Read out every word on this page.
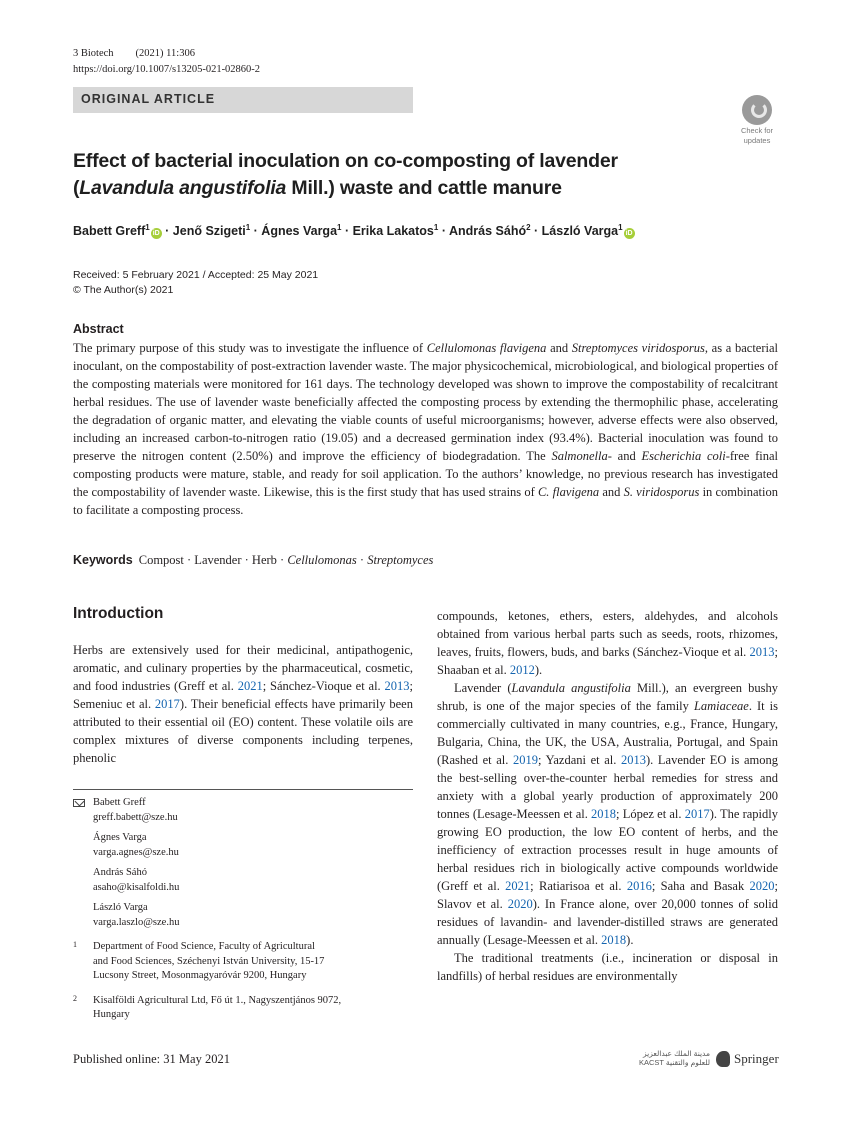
3 Biotech (2021) 11:306
https://doi.org/10.1007/s13205-021-02860-2
ORIGINAL ARTICLE
Check for
updates
Effect of bacterial inoculation on co-composting of lavender
(Lavandula angustifolia Mill.) waste and cattle manure
Babett Greff$^1$iD · Jenő Szigeti$^1$ · Ágnes Varga$^1$ · Erika Lakatos$^1$ · András Sáhó$^2$ · László Varga$^1$iD
Received: 5 February 2021 / Accepted: 25 May 2021
© The Author(s) 2021
Abstract
The primary purpose of this study was to investigate the influence of Cellulomonas flavigena and Streptomyces viridosporus, as a bacterial inoculant, on the compostability of post-extraction lavender waste. The major physicochemical, microbiological, and biological properties of the composting materials were monitored for 161 days. The technology developed was shown to improve the compostability of recalcitrant herbal residues. The use of lavender waste beneficially affected the composting process by extending the thermophilic phase, accelerating the degradation of organic matter, and elevating the viable counts of useful microorganisms; however, adverse effects were also observed, including an increased carbon-to-nitrogen ratio (19.05) and a decreased germination index (93.4%). Bacterial inoculation was found to preserve the nitrogen content (2.50%) and improve the efficiency of biodegradation. The Salmonella- and Escherichia coli-free final composting products were mature, stable, and ready for soil application. To the authors’ knowledge, no previous research has investigated the compostability of lavender waste. Likewise, this is the first study that has used strains of C. flavigena and S. viridosporus in combination to facilitate a composting process.
Keywords Compost · Lavender · Herb · Cellulomonas · Streptomyces
Introduction
Herbs are extensively used for their medicinal, antipathogenic, aromatic, and culinary properties by the pharmaceutical, cosmetic, and food industries (Greff et al. 2021; Sánchez-Vioque et al. 2013; Semeniuc et al. 2017). Their beneficial effects have primarily been attributed to their essential oil (EO) content. These volatile oils are complex mixtures of diverse components including terpenes, phenolic

compounds, ketones, ethers, esters, aldehydes, and alcohols obtained from various herbal parts such as seeds, roots, rhizomes, leaves, fruits, flowers, buds, and barks (Sánchez-Vioque et al. 2013; Shaaban et al. 2012).

Lavender (Lavandula angustifolia Mill.), an evergreen bushy shrub, is one of the major species of the family Lamiaceae. It is commercially cultivated in many countries, e.g., France, Hungary, Bulgaria, China, the UK, the USA, Australia, Portugal, and Spain (Rashed et al. 2019; Yazdani et al. 2013). Lavender EO is among the best-selling over-the-counter herbal remedies for stress and anxiety with a global yearly production of approximately 200 tonnes (Lesage-Meessen et al. 2018; López et al. 2017). The rapidly growing EO production, the low EO content of herbs, and the inefficiency of extraction processes result in huge amounts of herbal residues rich in biologically active compounds worldwide (Greff et al. 2021; Ratiarisoa et al. 2016; Saha and Basak 2020; Slavov et al. 2020). In France alone, over 20,000 tonnes of solid residues of lavandin- and lavender-distilled straws are generated annually (Lesage-Meessen et al. 2018).

The traditional treatments (i.e., incineration or disposal in landfills) of herbal residues are environmentally

Babett Greff
greff.babett@sze.hu
Ágnes Varga
varga.agnes@sze.hu
András Sáhó
asaho@kisalfoldi.hu
László Varga
varga.laszlo@sze.hu
1 Department of Food Science, Faculty of Agricultural
and Food Sciences, Széchenyi István University, 15-17
Lucsony Street, Mosonmagyaróvár 9200, Hungary
2 Kisalföldi Agricultural Ltd, Fő út 1., Nagyszentjános 9072,
Hungary
Published online: 31 May 2021	مدينة الملك عبدالعزيز
KACST للعلوم والتقنية Springer
